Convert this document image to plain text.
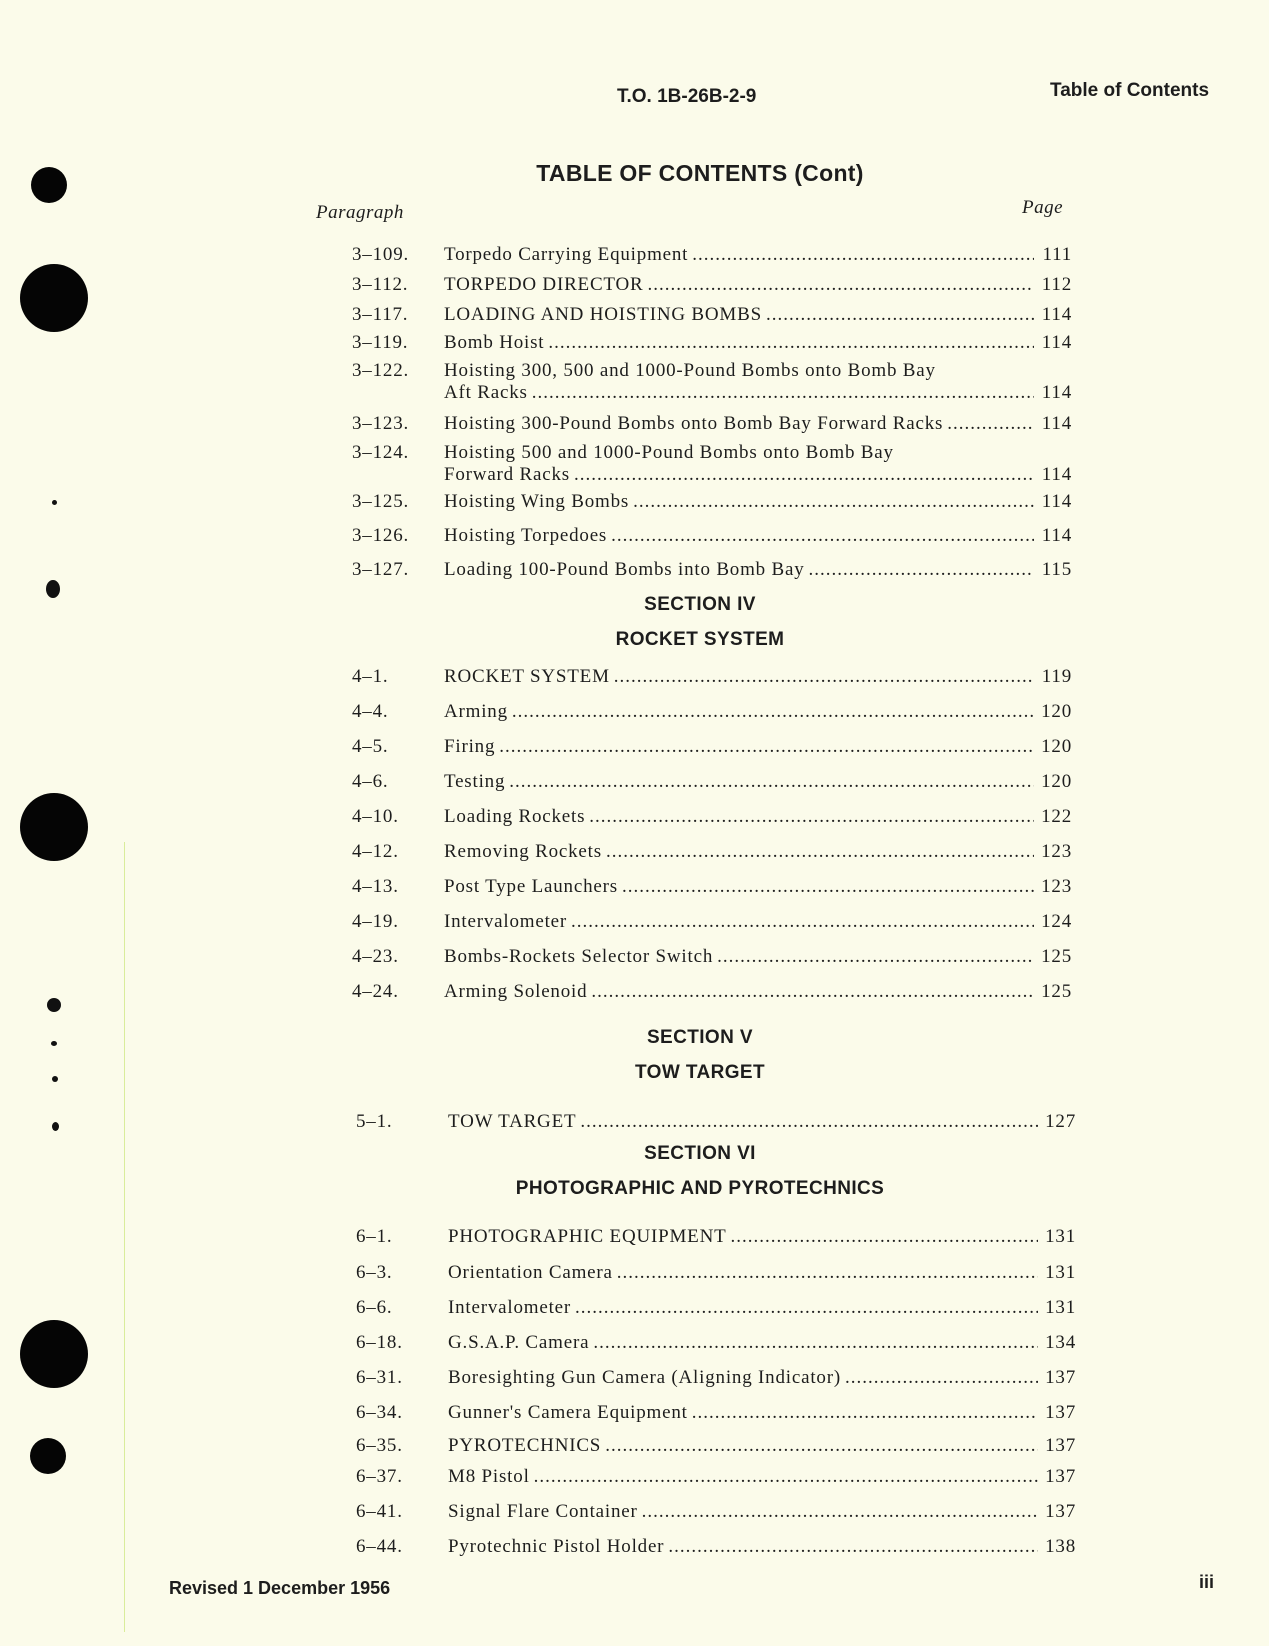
T.O. 1B-26B-2-9	Table of Contents
TABLE OF CONTENTS (Cont)
Paragraph	Page
3–109.	Torpedo Carrying Equipment .....	111
3–112.	TORPEDO DIRECTOR .....	112
3–117.	LOADING AND HOISTING BOMBS .....	114
3–119.	Bomb Hoist .....	114
3–122.	Hoisting 300, 500 and 1000-Pound Bombs onto Bomb Bay
Aft Racks .....	114
3–123.	Hoisting 300-Pound Bombs onto Bomb Bay Forward Racks .....	114
3–124.	Hoisting 500 and 1000-Pound Bombs onto Bomb Bay
Forward Racks .....	114
3–125.	Hoisting Wing Bombs .....	114
3–126.	Hoisting Torpedoes .....	114
3–127.	Loading 100-Pound Bombs into Bomb Bay .....	115
SECTION IV
ROCKET SYSTEM
4–1.	ROCKET SYSTEM .....	119
4–4.	Arming .....	120
4–5.	Firing .....	120
4–6.	Testing .....	120
4–10.	Loading Rockets .....	122
4–12.	Removing Rockets .....	123
4–13.	Post Type Launchers .....	123
4–19.	Intervalometer .....	124
4–23.	Bombs-Rockets Selector Switch .....	125
4–24.	Arming Solenoid .....	125
SECTION V
TOW TARGET
5–1.	TOW TARGET .....	127
SECTION VI
PHOTOGRAPHIC AND PYROTECHNICS
6–1.	PHOTOGRAPHIC EQUIPMENT .....	131
6–3.	Orientation Camera .....	131
6–6.	Intervalometer .....	131
6–18.	G.S.A.P. Camera .....	134
6–31.	Boresighting Gun Camera (Aligning Indicator) .....	137
6–34.	Gunner's Camera Equipment .....	137
6–35.	PYROTECHNICS .....	137
6–37.	M8 Pistol .....	137
6–41.	Signal Flare Container .....	137
6–44.	Pyrotechnic Pistol Holder .....	138
Revised 1 December 1956	iii
